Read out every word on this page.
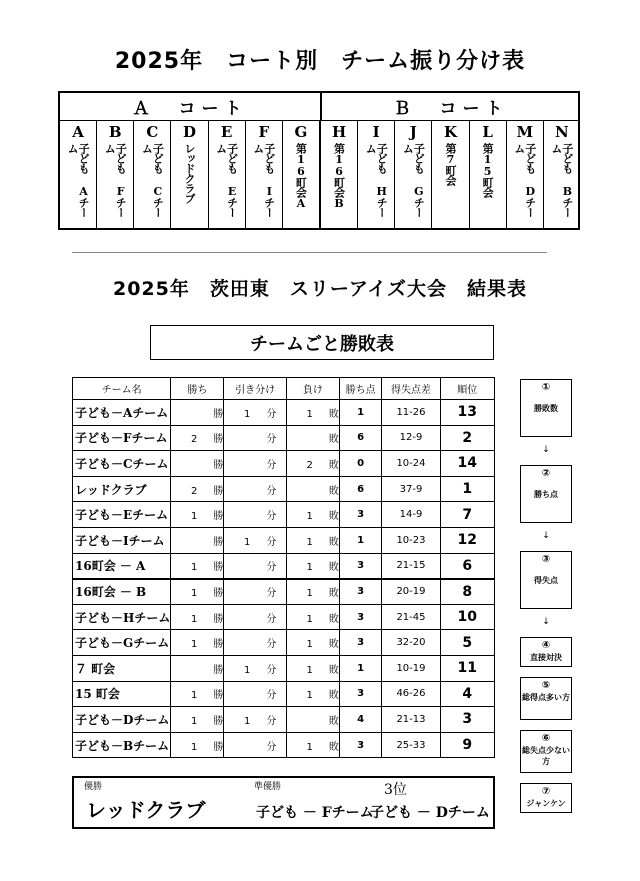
2025年　コート別　チーム振り分け表
Ａ　コート	Ｂ　コート
A
子ども Aチーム
B
子ども Fチーム
C
子ども Cチーム
D
レッドクラブ
E
子ども Eチーム
F
子ども Iチーム
G
第16町会A
H
第16町会B
I
子ども Hチーム
J
子ども Gチーム
K
第7町会
L
第15町会
M
子ども Dチーム
N
子ども Bチーム
2025年　茨田東　スリーアイズ大会　結果表
チームごと勝敗表
チーム名	勝ち	引き分け	負け	勝ち点	得失点差	順位
子ども－Aチーム	勝	1 分	1 敗	1	11-26	13
子ども－Fチーム	2 勝	分	敗	6	12-9	2
子ども－Cチーム	勝	分	2 敗	0	10-24	14
レッドクラブ	2 勝	分	敗	6	37-9	1
子ども－Eチーム	1 勝	分	1 敗	3	14-9	7
子ども－Iチーム	勝	1 分	1 敗	1	10-23	12
16町会 － A	1 勝	分	1 敗	3	21-15	6
16町会 － B	1 勝	分	1 敗	3	20-19	8
子ども－Hチーム	1 勝	分	1 敗	3	21-45	10
子ども－Gチーム	1 勝	分	1 敗	3	32-20	5
７ 町会	勝	1 分	1 敗	1	10-19	11
15 町会	1 勝	分	1 敗	3	46-26	4
子ども－Dチーム	1 勝	1 分	敗	4	21-13	3
子ども－Bチーム	1 勝	分	1 敗	3	25-33	9
①
勝敗数
↓
②
勝ち点
↓
③
得失点
↓
④
直接対決
⑤
総得点多い方
⑥
総失点少ない方
⑦
ジャンケン
優勝
レッドクラブ
準優勝
子ども － Fチーム
3位
子ども － Dチーム
